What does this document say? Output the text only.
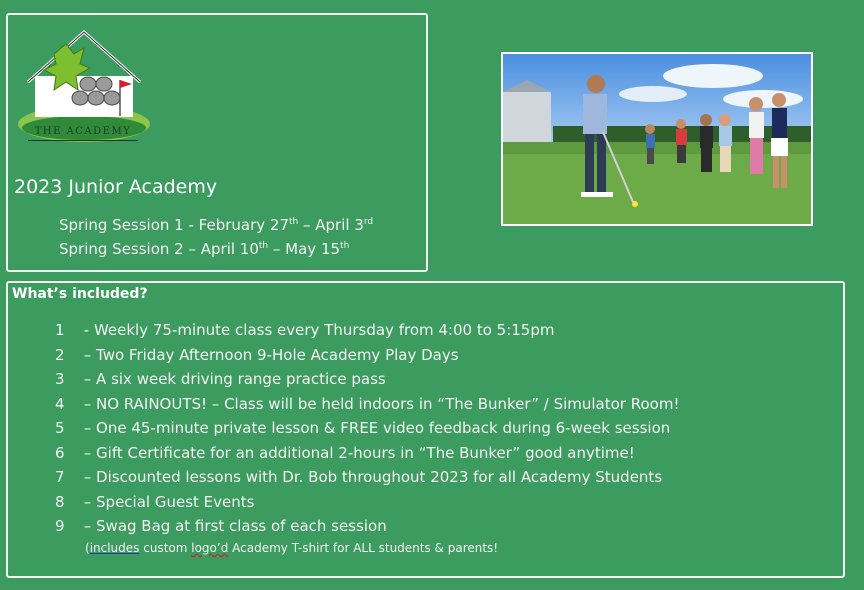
THE ACADEMY
2023 Junior Academy
Spring Session 1 - February 27th – April 3rd
Spring Session 2 – April 10th – May 15th
What’s included?
1 - Weekly 75-minute class every Thursday from 4:00 to 5:15pm
2 – Two Friday Afternoon 9-Hole Academy Play Days
3 – A six week driving range practice pass
4 – NO RAINOUTS! – Class will be held indoors in “The Bunker” / Simulator Room!
5 – One 45-minute private lesson & FREE video feedback during 6-week session
6 – Gift Certificate for an additional 2-hours in “The Bunker” good anytime!
7 – Discounted lessons with Dr. Bob throughout 2023 for all Academy Students
8 – Special Guest Events
9 – Swag Bag at first class of each session
(includes custom logo’d Academy T-shirt for ALL students & parents!
